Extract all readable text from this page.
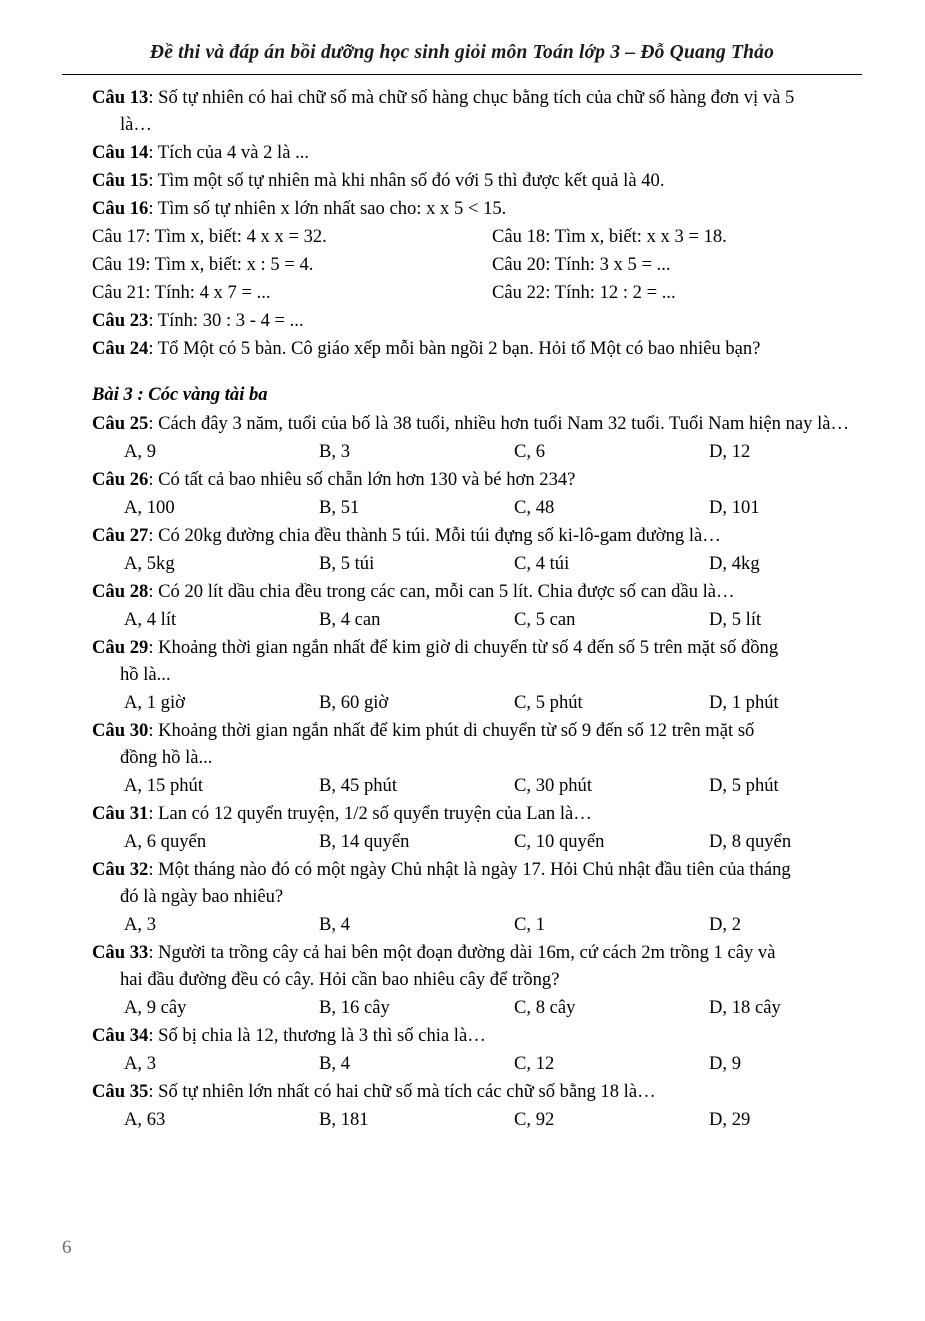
Đề thi và đáp án bồi dưỡng học sinh giỏi môn Toán lớp 3 – Đỗ Quang Thảo

Câu 13: Số tự nhiên có hai chữ số mà chữ số hàng chục bằng tích của chữ số hàng đơn vị và 5
là…

Câu 14: Tích của 4 và 2 là ...

Câu 15: Tìm một số tự nhiên mà khi nhân số đó với 5 thì được kết quả là 40.

Câu 16: Tìm số tự nhiên x lớn nhất sao cho: x x 5 < 15.

Câu 17: Tìm x, biết: 4 x x = 32.	Câu 18: Tìm x, biết: x x 3 = 18.

Câu 19: Tìm x, biết: x : 5 = 4.	Câu 20: Tính: 3 x 5 = ...

Câu 21: Tính: 4 x 7 = ...	Câu 22: Tính: 12 : 2 = ...

Câu 23: Tính: 30 : 3 - 4 = ...

Câu 24: Tổ Một có 5 bàn. Cô giáo xếp mỗi bàn ngồi 2 bạn. Hỏi tổ Một có bao nhiêu bạn?

Bài 3 : Cóc vàng tài ba

Câu 25: Cách đây 3 năm, tuổi của bố là 38 tuổi, nhiều hơn tuổi Nam 32 tuổi. Tuổi Nam hiện nay là…

A, 9	B, 3	C, 6	D, 12

Câu 26: Có tất cả bao nhiêu số chẵn lớn hơn 130 và bé hơn 234?

A, 100	B, 51	C, 48	D, 101

Câu 27: Có 20kg đường chia đều thành 5 túi. Mỗi túi đựng số ki-lô-gam đường là…

A, 5kg	B, 5 túi	C, 4 túi	D, 4kg

Câu 28: Có 20 lít dầu chia đều trong các can, mỗi can 5 lít. Chia được số can dầu là…

A, 4 lít	B, 4 can	C, 5 can	D, 5 lít

Câu 29: Khoảng thời gian ngắn nhất để kim giờ di chuyển từ số 4 đến số 5 trên mặt số đồng
hồ là...

A, 1 giờ	B, 60 giờ	C, 5 phút	D, 1 phút

Câu 30: Khoảng thời gian ngắn nhất để kim phút di chuyển từ số 9 đến số 12 trên mặt số
đồng hồ là...

A, 15 phút	B, 45 phút	C, 30 phút	D, 5 phút

Câu 31: Lan có 12 quyển truyện, 1/2 số quyển truyện của Lan là…

A, 6 quyển	B, 14 quyển	C, 10 quyển	D, 8 quyển

Câu 32: Một tháng nào đó có một ngày Chủ nhật là ngày 17. Hỏi Chủ nhật đầu tiên của tháng
đó là ngày bao nhiêu?

A, 3	B, 4	C, 1	D, 2

Câu 33: Người ta trồng cây cả hai bên một đoạn đường dài 16m, cứ cách 2m trồng 1 cây và
hai đầu đường đều có cây. Hỏi cần bao nhiêu cây để trồng?

A, 9 cây	B, 16 cây	C, 8 cây	D, 18 cây

Câu 34: Số bị chia là 12, thương là 3 thì số chia là…

A, 3	B, 4	C, 12	D, 9

Câu 35: Số tự nhiên lớn nhất có hai chữ số mà tích các chữ số bằng 18 là…

A, 63	B, 181	C, 92	D, 29
6
